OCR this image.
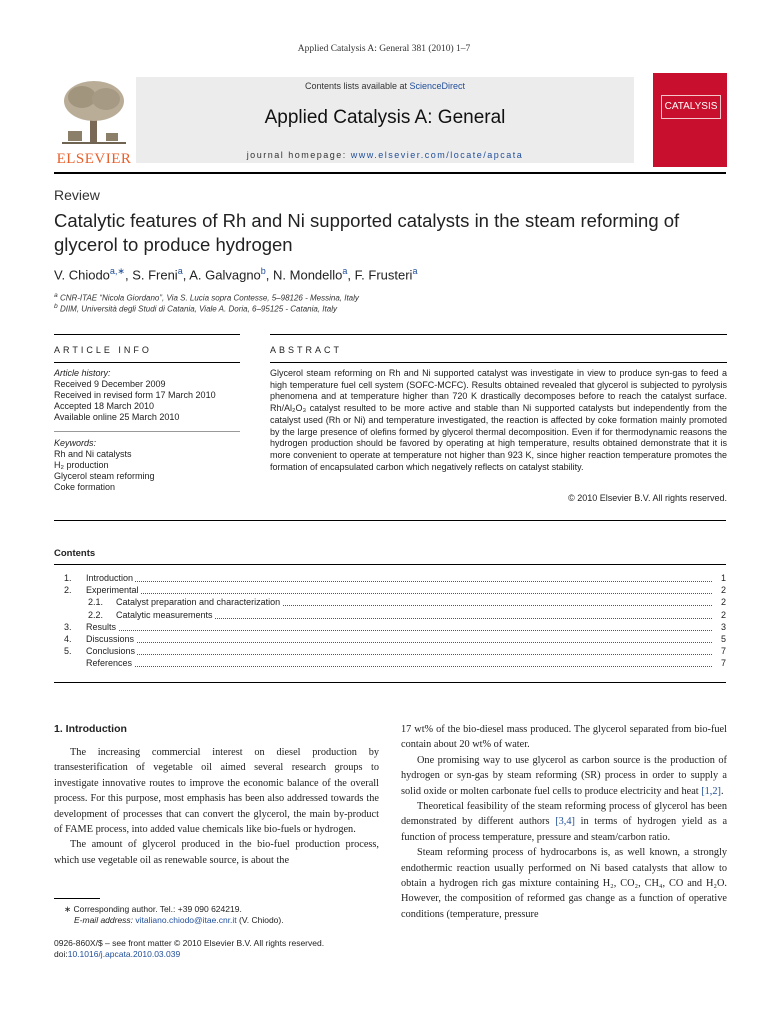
Applied Catalysis A: General 381 (2010) 1–7
ELSEVIER
Contents lists available at ScienceDirect
Applied Catalysis A: General
journal homepage: www.elsevier.com/locate/apcata
CATALYSIS
Review
Catalytic features of Rh and Ni supported catalysts in the steam reforming of glycerol to produce hydrogen
V. Chiodo$^{a,∗}$, S. Freni$^a$, A. Galvagno$^b$, N. Mondello$^a$, F. Frusteri$^a$
$^a$ CNR-ITAE “Nicola Giordano”, Via S. Lucia sopra Contesse, 5–98126 - Messina, Italy
$^b$ DIIM, Università degli Studi di Catania, Viale A. Doria, 6–95125 - Catania, Italy
ARTICLE INFO	ABSTRACT
Article history:
Received 9 December 2009
Received in revised form 17 March 2010
Accepted 18 March 2010
Available online 25 March 2010
Keywords:
Rh and Ni catalysts
H₂ production
Glycerol steam reforming
Coke formation
Glycerol steam reforming on Rh and Ni supported catalyst was investigate in view to produce syn-gas to feed a high temperature fuel cell system (SOFC-MCFC). Results obtained revealed that glycerol is subjected to pyrolysis phenomena and at temperature higher than 720 K drastically decomposes before to reach the catalyst surface. Rh/Al₂O₃ catalyst resulted to be more active and stable than Ni supported catalysts but independently from the catalyst used (Rh or Ni) and temperature investigated, the reaction is affected by coke formation mainly promoted by the large presence of olefins formed by glycerol thermal decomposition. Even if for thermodynamic reasons the hydrogen production should be favored by operating at high temperature, results obtained demonstrate that it is more convenient to operate at temperature not higher than 923 K, since higher reaction temperature promotes the formation of encapsulated carbon which negatively reflects on catalyst stability.
© 2010 Elsevier B.V. All rights reserved.
Contents
1. Introduction	1
2. Experimental	2
2.1. Catalyst preparation and characterization	2
2.2. Catalytic measurements	2
3. Results	3
4. Discussions	5
5. Conclusions	7
References	7
1. Introduction

The increasing commercial interest on diesel production by transesterification of vegetable oil aimed several research groups to investigate innovative routes to improve the economic balance of the overall process. For this purpose, most emphasis has been also addressed towards the development of processes that can convert the glycerol, the main by-product of FAME process, into added value chemicals like bio-fuels or hydrogen.

The amount of glycerol produced in the bio-fuel production process, which use vegetable oil as renewable source, is about the

17 wt% of the bio-diesel mass produced. The glycerol separated from bio-fuel contain about 20 wt% of water.

One promising way to use glycerol as carbon source is the production of hydrogen or syn-gas by steam reforming (SR) process in order to supply a solid oxide or molten carbonate fuel cells to produce electricity and heat [1,2].

Theoretical feasibility of the steam reforming process of glycerol has been demonstrated by different authors [3,4] in terms of hydrogen yield as a function of process temperature, pressure and steam/carbon ratio.

Steam reforming process of hydrocarbons is, as well known, a strongly endothermic reaction usually performed on Ni based catalysts that allow to obtain a hydrogen rich gas mixture containing H₂, CO₂, CH₄, CO and H₂O. However, the composition of reformed gas change as a function of operative conditions (temperature, pressure

∗ Corresponding author. Tel.: +39 090 624219.
E-mail address: vitaliano.chiodo@itae.cnr.it (V. Chiodo).
0926-860X/$ – see front matter © 2010 Elsevier B.V. All rights reserved.
doi:10.1016/j.apcata.2010.03.039
